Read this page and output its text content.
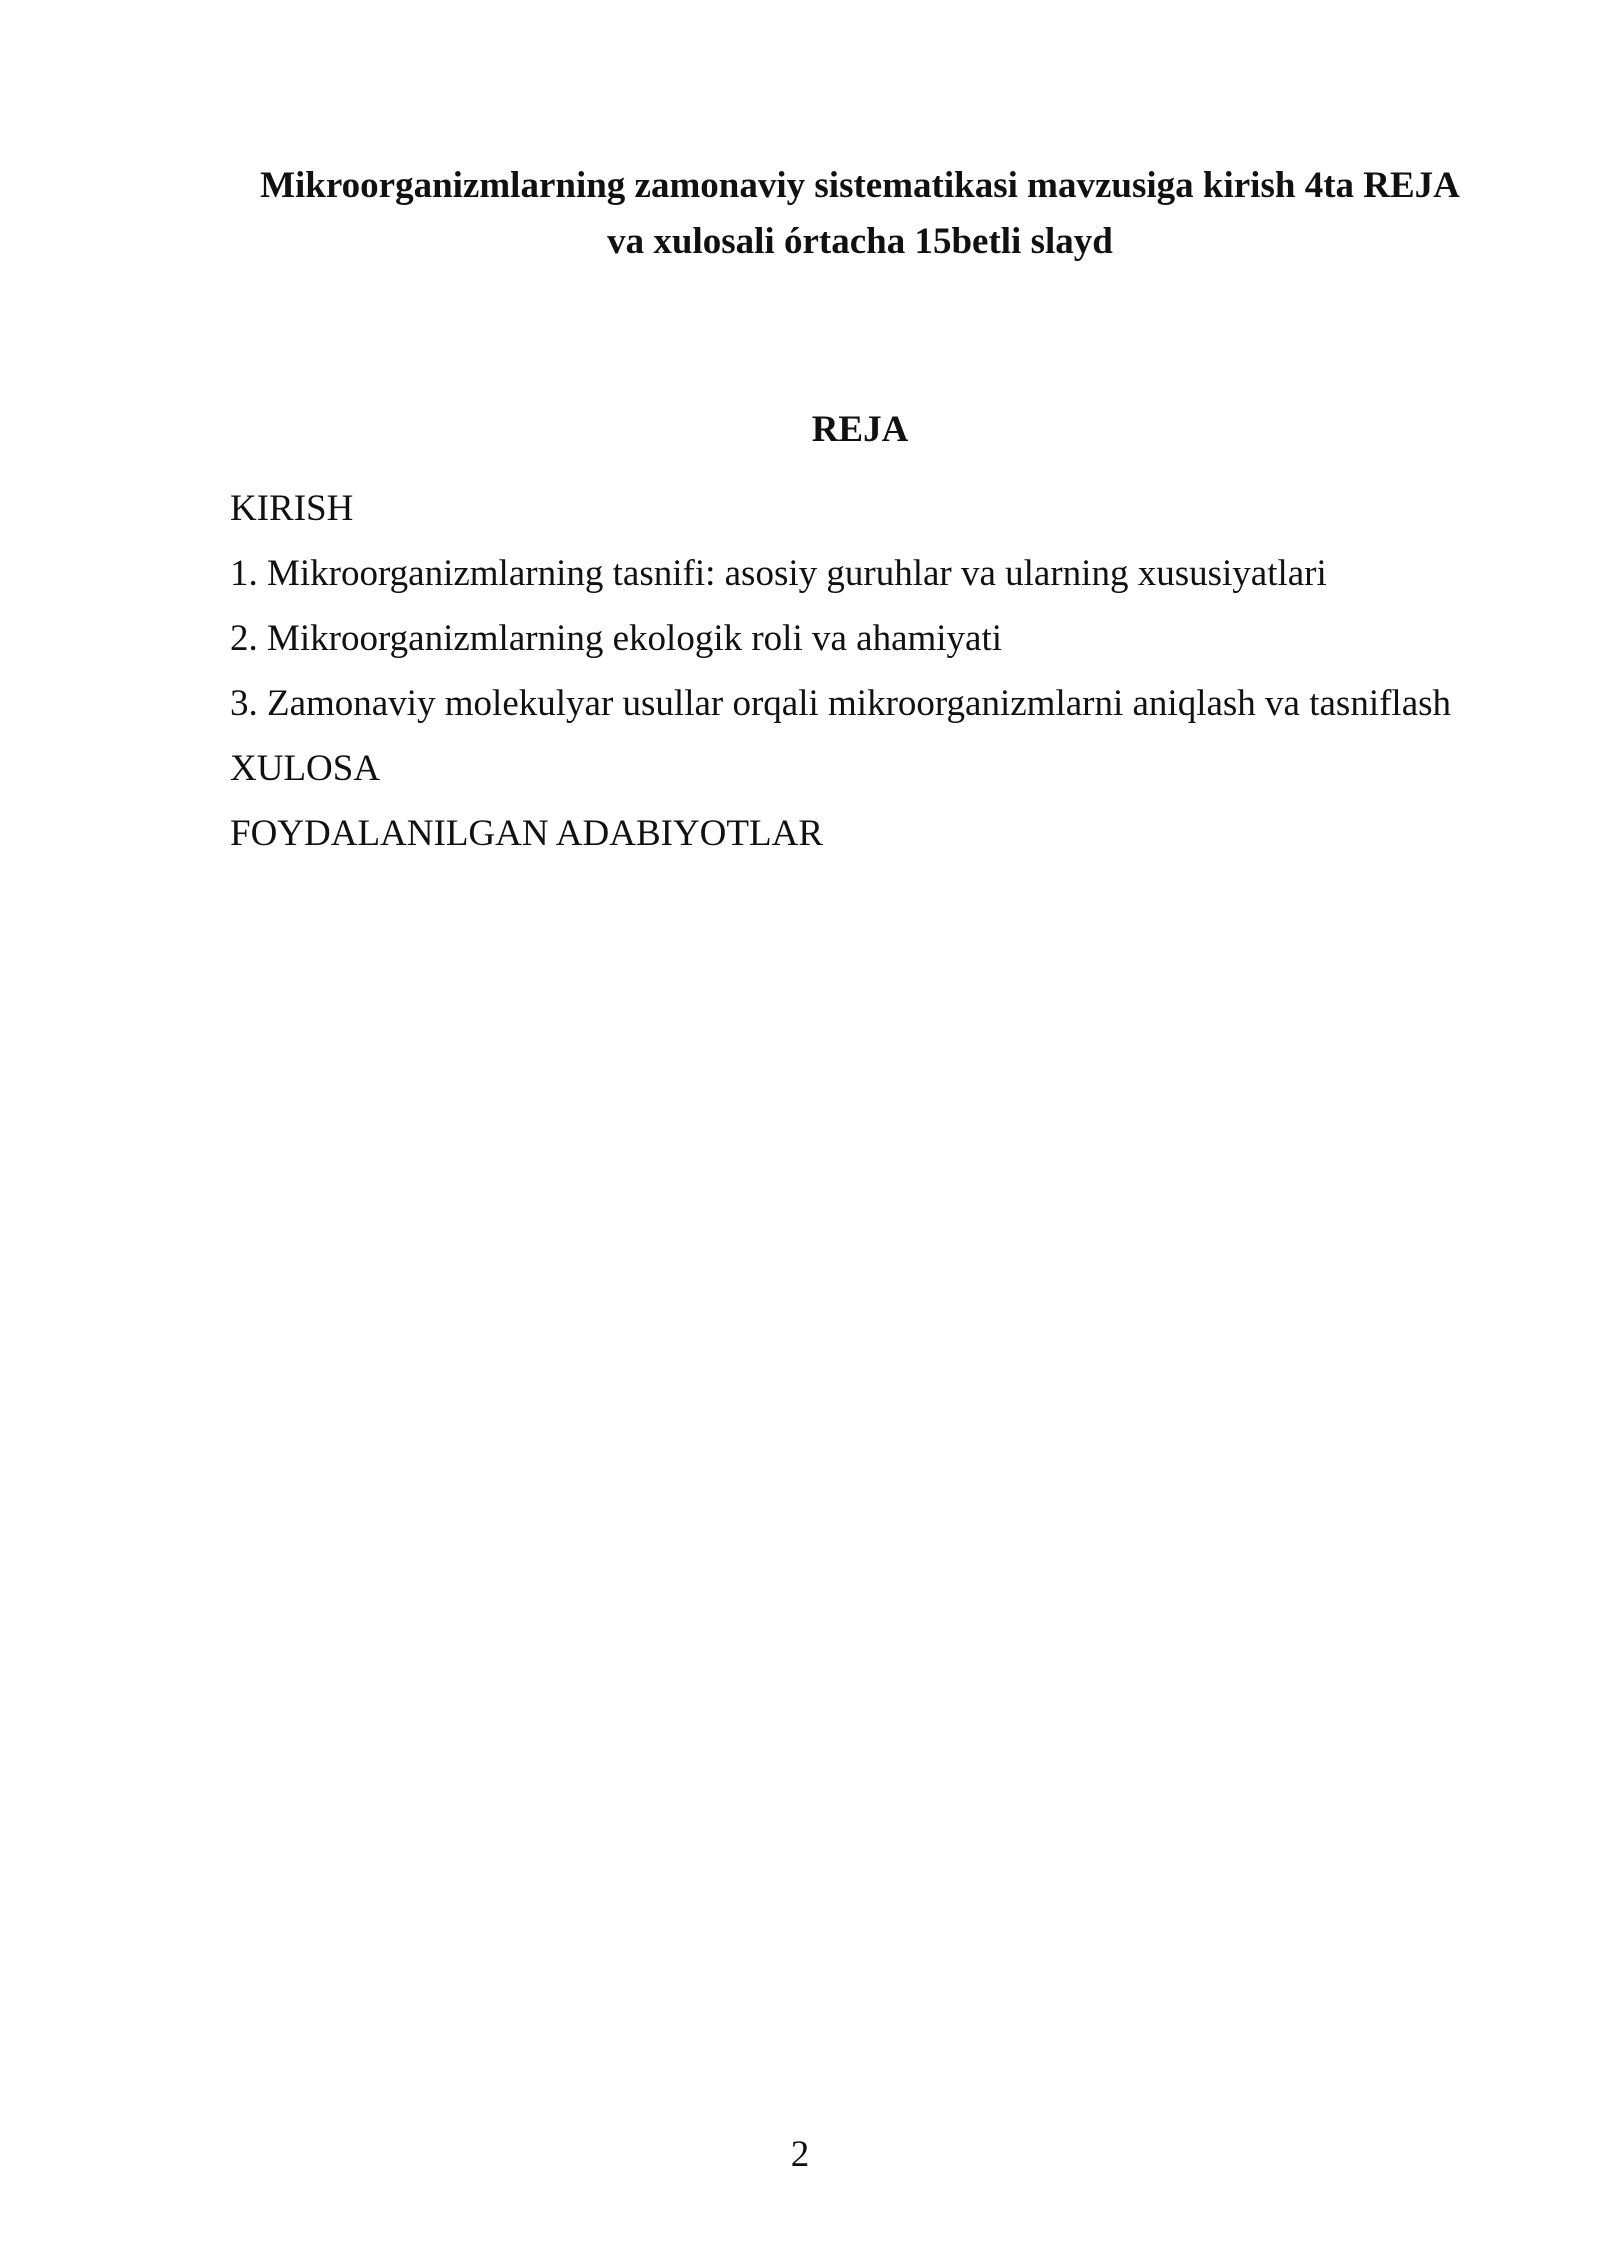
Mikroorganizmlarning zamonaviy sistematikasi mavzusiga kirish 4ta REJA
va xulosali órtacha 15betli slayd
REJA
KIRISH
1. Mikroorganizmlarning tasnifi: asosiy guruhlar va ularning xususiyatlari
2. Mikroorganizmlarning ekologik roli va ahamiyati
3. Zamonaviy molekulyar usullar orqali mikroorganizmlarni aniqlash va tasniflash
XULOSA
FOYDALANILGAN ADABIYOTLAR
2
